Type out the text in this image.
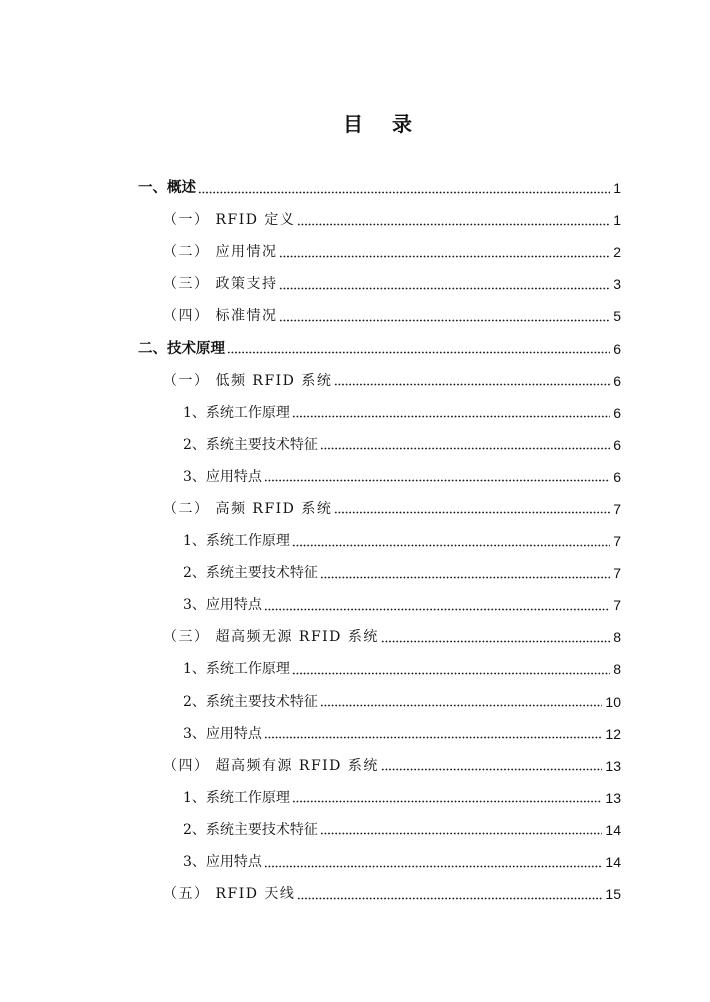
目 录
一、概述	1
（一） RFID 定义	1
（二） 应用情况	2
（三） 政策支持	3
（四） 标准情况	5
二、技术原理	6
（一） 低频 RFID 系统	6
1、系统工作原理	6
2、系统主要技术特征	6
3、应用特点	6
（二） 高频 RFID 系统	7
1、系统工作原理	7
2、系统主要技术特征	7
3、应用特点	7
（三） 超高频无源 RFID 系统	8
1、系统工作原理	8
2、系统主要技术特征	10
3、应用特点	12
（四） 超高频有源 RFID 系统	13
1、系统工作原理	13
2、系统主要技术特征	14
3、应用特点	14
（五） RFID 天线	15
